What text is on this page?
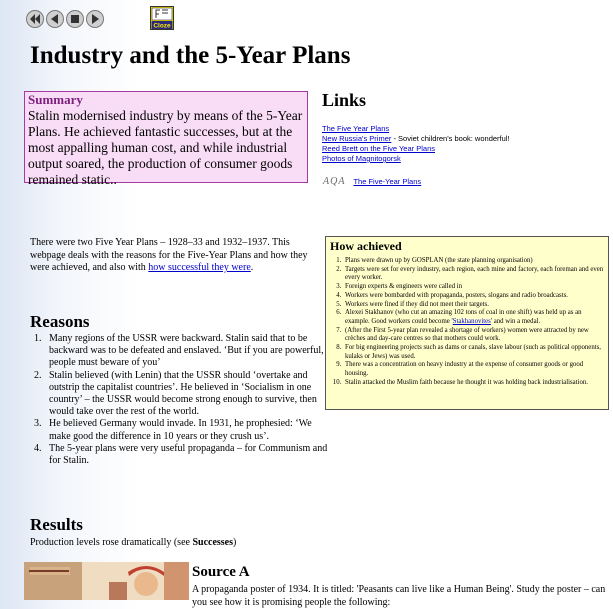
Cloze
Industry and the 5-Year Plans
Summary
Stalin modernised industry by means of the 5-Year Plans. He achieved fantastic successes, but at the most appalling human cost, and while industrial output soared, the production of consumer goods remained static..
Links
The Five Year Plans
New Russia's Primer - Soviet children's book: wonderful!
Reed Brett on the Five Year Plans
Photos of Magnitogorsk
AQA The Five-Year Plans
There were two Five Year Plans – 1928–33 and 1932–1937. This webpage deals with the reasons for the Five-Year Plans and how they were achieved, and also with how successful they were.
How achieved
1. Plans were drawn up by GOSPLAN (the state planning organisation)
2. Targets were set for every industry, each region, each mine and factory, each foreman and even every worker.
3. Foreign experts & engineers were called in
4. Workers were bombarded with propaganda, posters, slogans and radio broadcasts.
5. Workers were fined if they did not meet their targets.
6. Alexei Stakhanov (who cut an amazing 102 tons of coal in one shift) was held up as an example. Good workers could become 'Stakhanovites' and win a medal.
7. (After the First 5-year plan revealed a shortage of workers) women were attracted by new crèches and day-care centres so that mothers could work.
8. For big engineering projects such as dams or canals, slave labour (such as political opponents, kulaks or Jews) was used.
9. There was a concentration on heavy industry at the expense of consumer goods or good housing.
10. Stalin attacked the Muslim faith because he thought it was holding back industrialisation.
Reasons
1. Many regions of the USSR were backward. Stalin said that to be backward was to be defeated and enslaved. ‘But if you are powerful, people must beware of you’
2. Stalin believed (with Lenin) that the USSR should ‘overtake and outstrip the capitalist countries’. He believed in ‘Socialism in one country’ – the USSR would become strong enough to survive, then would take over the rest of the world.
3. He believed Germany would invade. In 1931, he prophesied: ‘We make good the difference in 10 years or they crush us’.
4. The 5-year plans were very useful propaganda – for Communism and for Stalin.
Results
Production levels rose dramatically (see Successes)
Source A
A propaganda poster of 1934. It is titled: 'Peasants can live like a Human Being'. Study the poster – can you see how it is promising people the following:
